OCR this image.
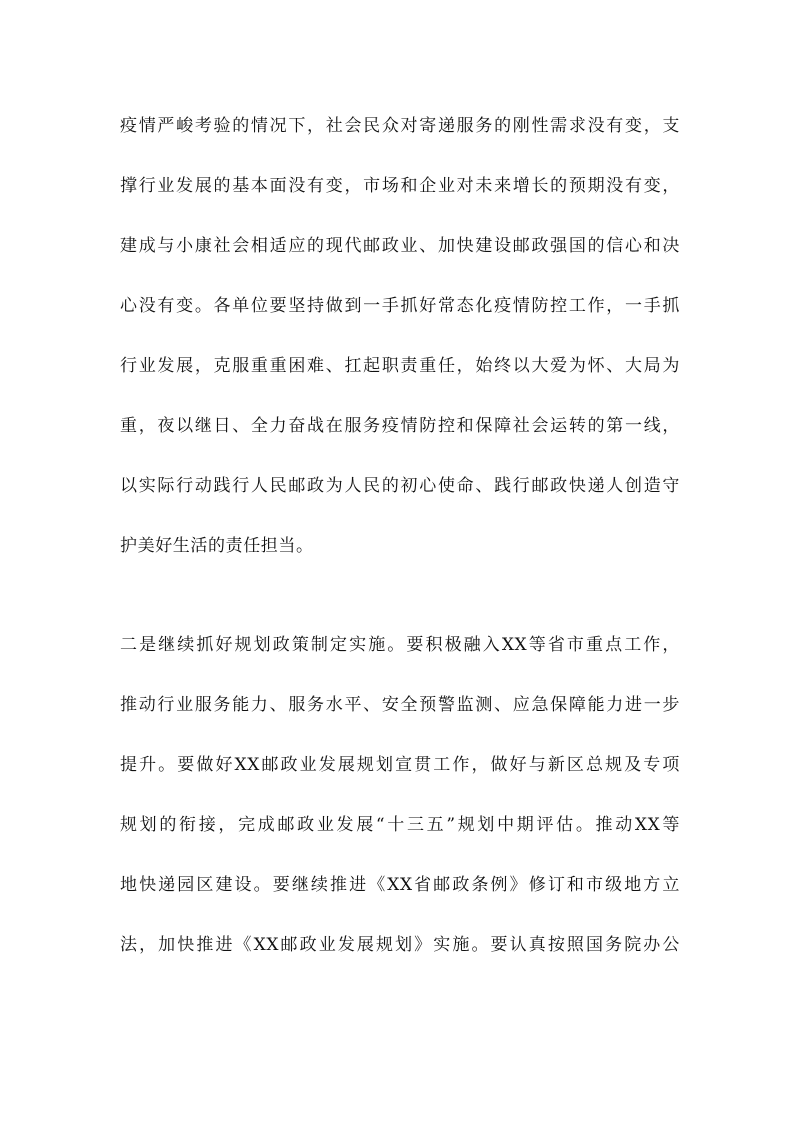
疫情严峻考验的情况下，社会民众对寄递服务的刚性需求没有变，支
撑行业发展的基本面没有变，市场和企业对未来增长的预期没有变，
建成与小康社会相适应的现代邮政业、加快建设邮政强国的信心和决
心没有变。各单位要坚持做到一手抓好常态化疫情防控工作，一手抓
行业发展，克服重重困难、扛起职责重任，始终以大爱为怀、大局为
重，夜以继日、全力奋战在服务疫情防控和保障社会运转的第一线，
以实际行动践行人民邮政为人民的初心使命、践行邮政快递人创造守
护美好生活的责任担当。
二是继续抓好规划政策制定实施。要积极融入XX等省市重点工作，
推动行业服务能力、服务水平、安全预警监测、应急保障能力进一步
提升。要做好XX邮政业发展规划宣贯工作，做好与新区总规及专项
规划的衔接，完成邮政业发展“十三五”规划中期评估。推动XX等
地快递园区建设。要继续推进《XX省邮政条例》修订和市级地方立
法，加快推进《XX邮政业发展规划》实施。要认真按照国务院办公
